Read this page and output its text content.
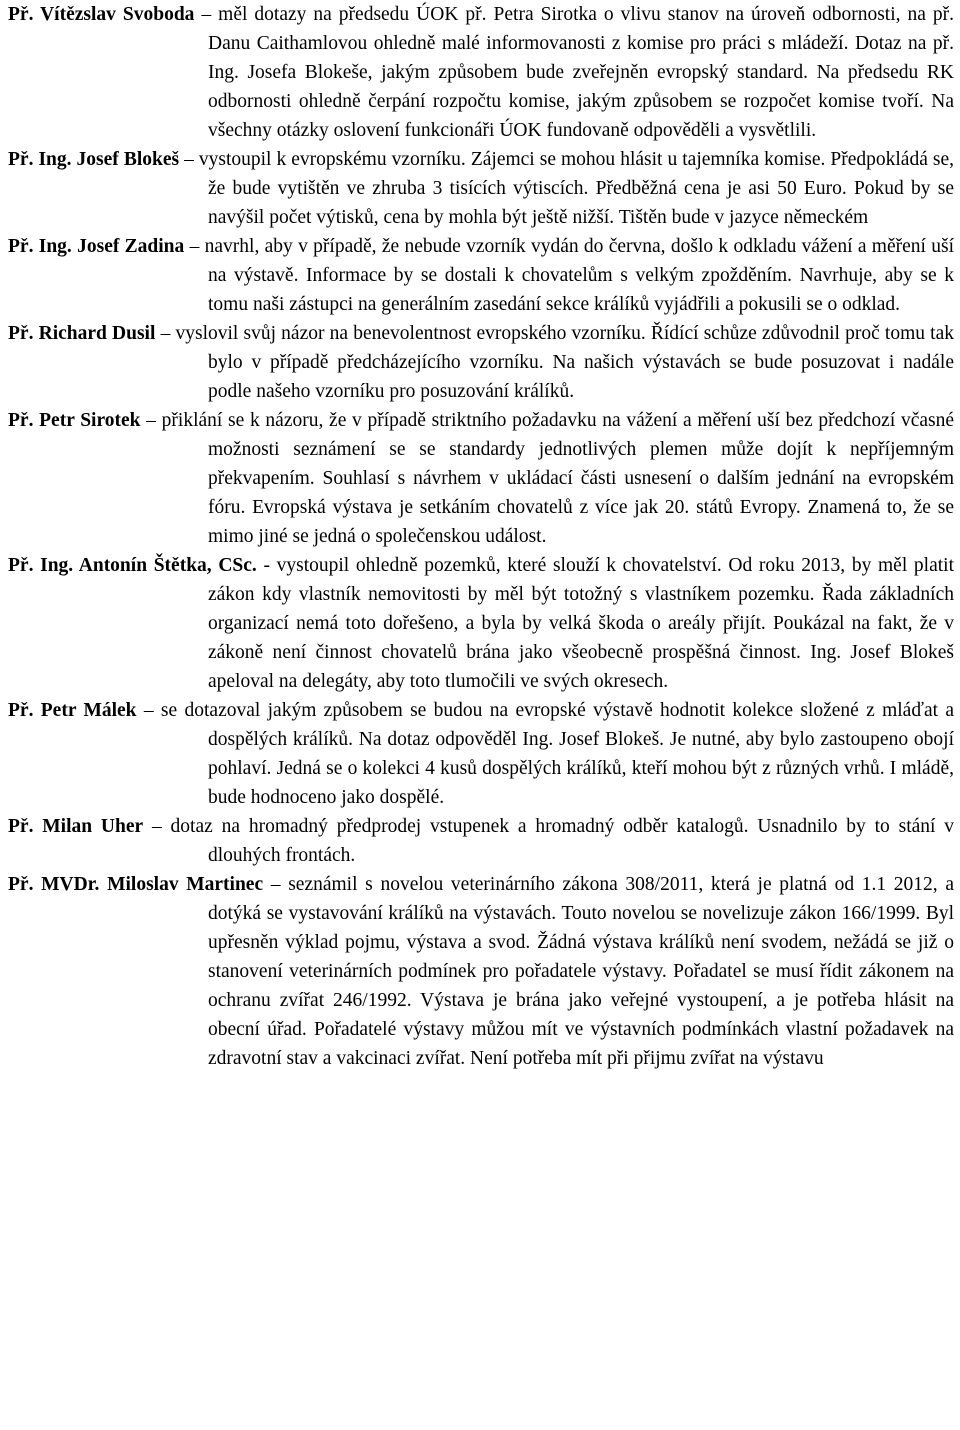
Př. Vítězslav Svoboda – měl dotazy na předsedu ÚOK př. Petra Sirotka o vlivu stanov na úroveň odbornosti, na př. Danu Caithamlovou ohledně malé informovanosti z komise pro práci s mládeží. Dotaz na př. Ing. Josefa Blokeše, jakým způsobem bude zveřejněn evropský standard. Na předsedu RK odbornosti ohledně čerpání rozpočtu komise, jakým způsobem se rozpočet komise tvoří. Na všechny otázky oslovení funkcionáři ÚOK fundovaně odpověděli a vysvětlili.

Př. Ing. Josef Blokeš – vystoupil k evropskému vzorníku. Zájemci se mohou hlásit u tajemníka komise. Předpokládá se, že bude vytištěn ve zhruba 3 tisících výtiscích. Předběžná cena je asi 50 Euro. Pokud by se navýšil počet výtisků, cena by mohla být ještě nižší. Tištěn bude v jazyce německém

Př. Ing. Josef Zadina – navrhl, aby v případě, že nebude vzorník vydán do června, došlo k odkladu vážení a měření uší na výstavě. Informace by se dostali k chovatelům s velkým zpožděním. Navrhuje, aby se k tomu naši zástupci na generálním zasedání sekce králíků vyjádřili a pokusili se o odklad.

Př. Richard Dusil – vyslovil svůj názor na benevolentnost evropského vzorníku. Řídící schůze zdůvodnil proč tomu tak bylo v případě předcházejícího vzorníku. Na našich výstavách se bude posuzovat i nadále podle našeho vzorníku pro posuzování králíků.

Př. Petr Sirotek – přiklání se k názoru, že v případě striktního požadavku na vážení a měření uší bez předchozí včasné možnosti seznámení se se standardy jednotlivých plemen může dojít k nepříjemným překvapením. Souhlasí s návrhem v ukládací části usnesení o dalším jednání na evropském fóru. Evropská výstava je setkáním chovatelů z více jak 20. států Evropy. Znamená to, že se mimo jiné se jedná o společenskou událost.

Př. Ing. Antonín Štětka, CSc. - vystoupil ohledně pozemků, které slouží k chovatelství. Od roku 2013, by měl platit zákon kdy vlastník nemovitosti by měl být totožný s vlastníkem pozemku. Řada základních organizací nemá toto dořešeno, a byla by velká škoda o areály přijít. Poukázal na fakt, že v zákoně není činnost chovatelů brána jako všeobecně prospěšná činnost. Ing. Josef Blokeš apeloval na delegáty, aby toto tlumočili ve svých okresech.

Př. Petr Málek – se dotazoval jakým způsobem se budou na evropské výstavě hodnotit kolekce složené z mláďat a dospělých králíků. Na dotaz odpověděl Ing. Josef Blokeš. Je nutné, aby bylo zastoupeno obojí pohlaví. Jedná se o kolekci 4 kusů dospělých králíků, kteří mohou být z různých vrhů. I mládě, bude hodnoceno jako dospělé.

Př. Milan Uher – dotaz na hromadný předprodej vstupenek a hromadný odběr katalogů. Usnadnilo by to stání v dlouhých frontách.

Př. MVDr. Miloslav Martinec – seznámil s novelou veterinárního zákona 308/2011, která je platná od 1.1 2012, a dotýká se vystavování králíků na výstavách. Touto novelou se novelizuje zákon 166/1999. Byl upřesněn výklad pojmu, výstava a svod. Žádná výstava králíků není svodem, nežádá se již o stanovení veterinárních podmínek pro pořadatele výstavy. Pořadatel se musí řídit zákonem na ochranu zvířat 246/1992. Výstava je brána jako veřejné vystoupení, a je potřeba hlásit na obecní úřad. Pořadatelé výstavy můžou mít ve výstavních podmínkách vlastní požadavek na zdravotní stav a vakcinaci zvířat. Není potřeba mít při přijmu zvířat na výstavu
